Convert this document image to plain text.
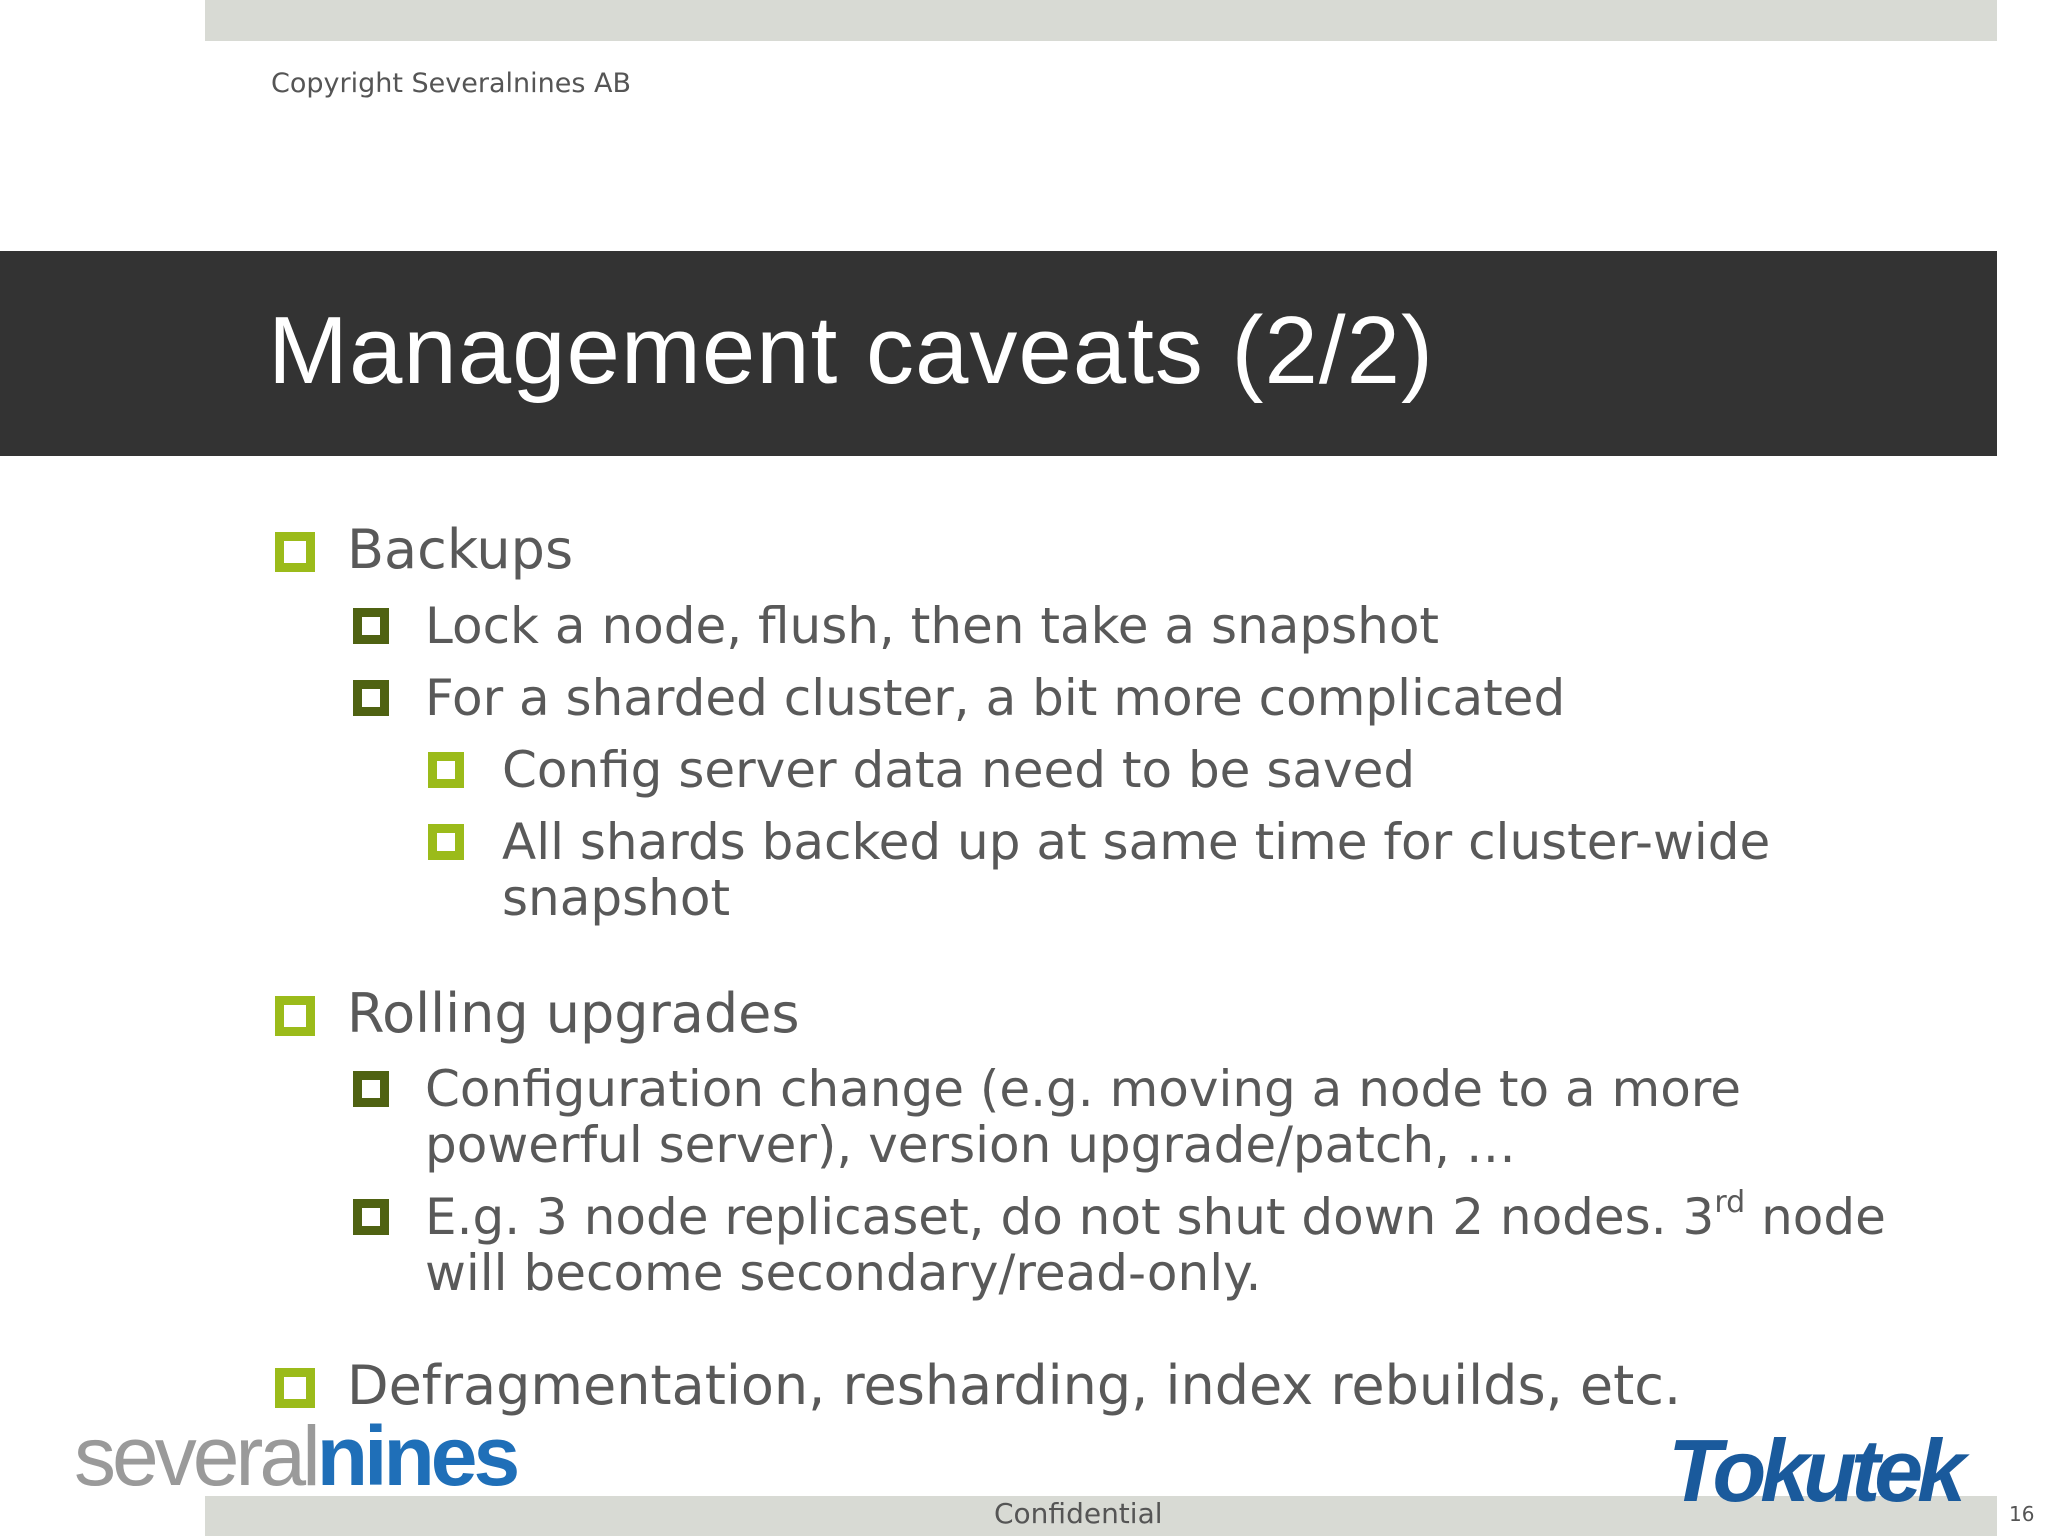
Copyright Severalnines AB
Management caveats (2/2)
Backups
Lock a node, flush, then take a snapshot
For a sharded cluster, a bit more complicated
Config server data need to be saved
All shards backed up at same time for cluster-wide
snapshot
Rolling upgrades
Configuration change (e.g. moving a node to a more
powerful server), version upgrade/patch, …
E.g. 3 node replicaset, do not shut down 2 nodes. 3rd node
will become secondary/read-only.
Defragmentation, resharding, index rebuilds, etc.
Confidential	16
severalnines	Tokutek
